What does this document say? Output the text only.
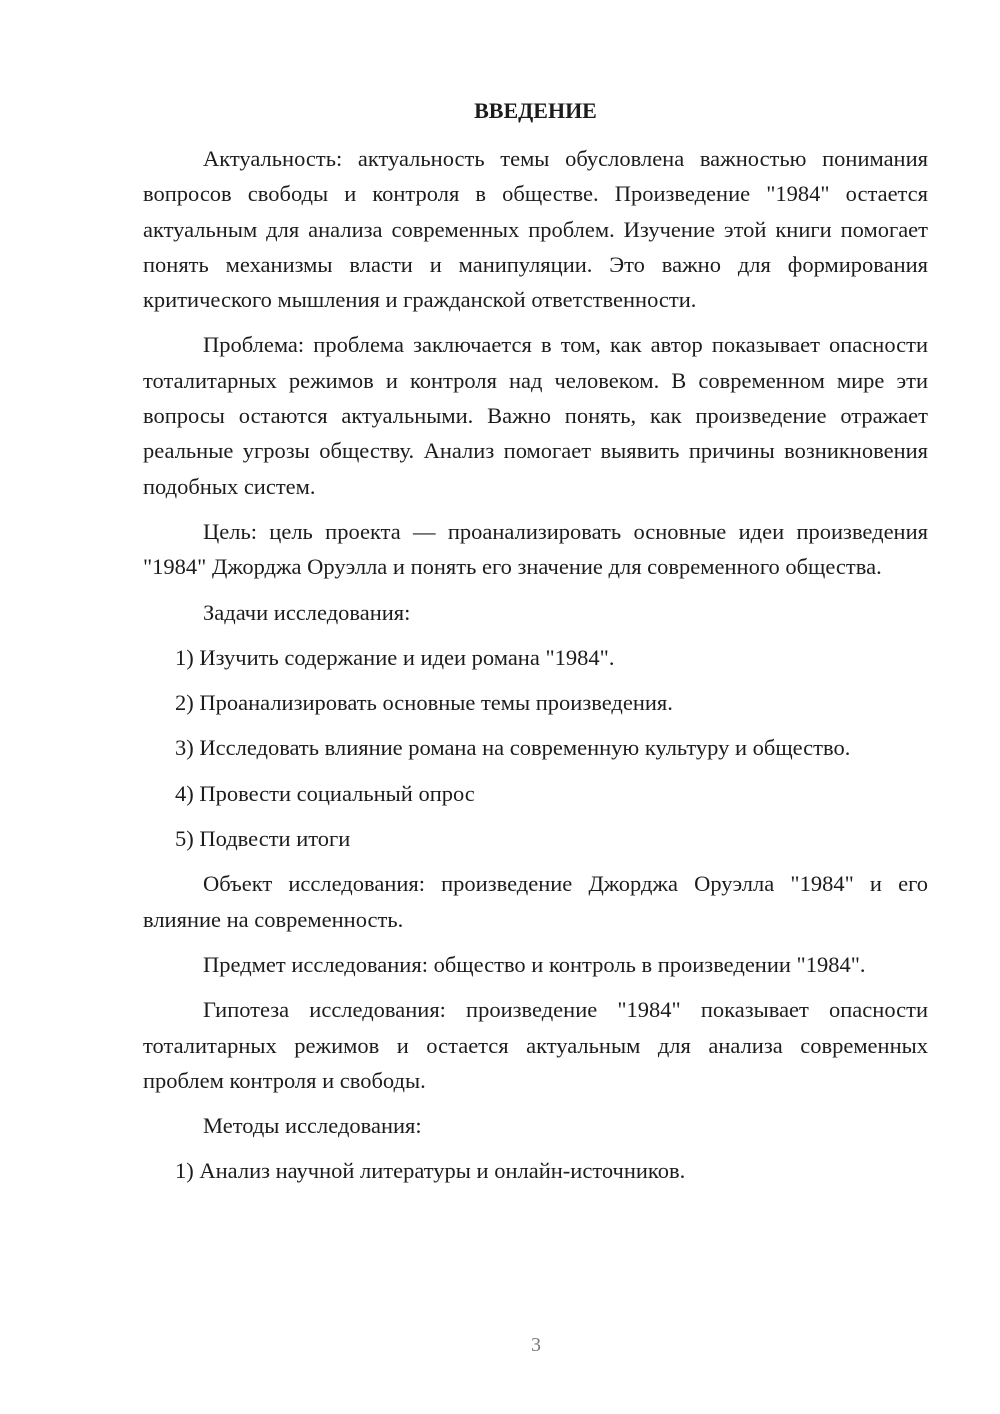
ВВЕДЕНИЕ

Актуальность: актуальность темы обусловлена важностью понимания вопросов свободы и контроля в обществе. Произведение "1984" остается актуальным для анализа современных проблем. Изучение этой книги помогает понять механизмы власти и манипуляции. Это важно для формирования критического мышления и гражданской ответственности.

Проблема: проблема заключается в том, как автор показывает опасности тоталитарных режимов и контроля над человеком. В современном мире эти вопросы остаются актуальными. Важно понять, как произведение отражает реальные угрозы обществу. Анализ помогает выявить причины возникновения подобных систем.

Цель: цель проекта — проанализировать основные идеи произведения "1984" Джорджа Оруэлла и понять его значение для современного общества.

Задачи исследования:

1) Изучить содержание и идеи романа "1984".
2) Проанализировать основные темы произведения.
3) Исследовать влияние романа на современную культуру и общество.
4) Провести социальный опрос
5) Подвести итоги

Объект исследования: произведение Джорджа Оруэлла "1984" и его влияние на современность.

Предмет исследования: общество и контроль в произведении "1984".

Гипотеза исследования: произведение "1984" показывает опасности тоталитарных режимов и остается актуальным для анализа современных проблем контроля и свободы.

Методы исследования:

1) Анализ научной литературы и онлайн-источников.
3
